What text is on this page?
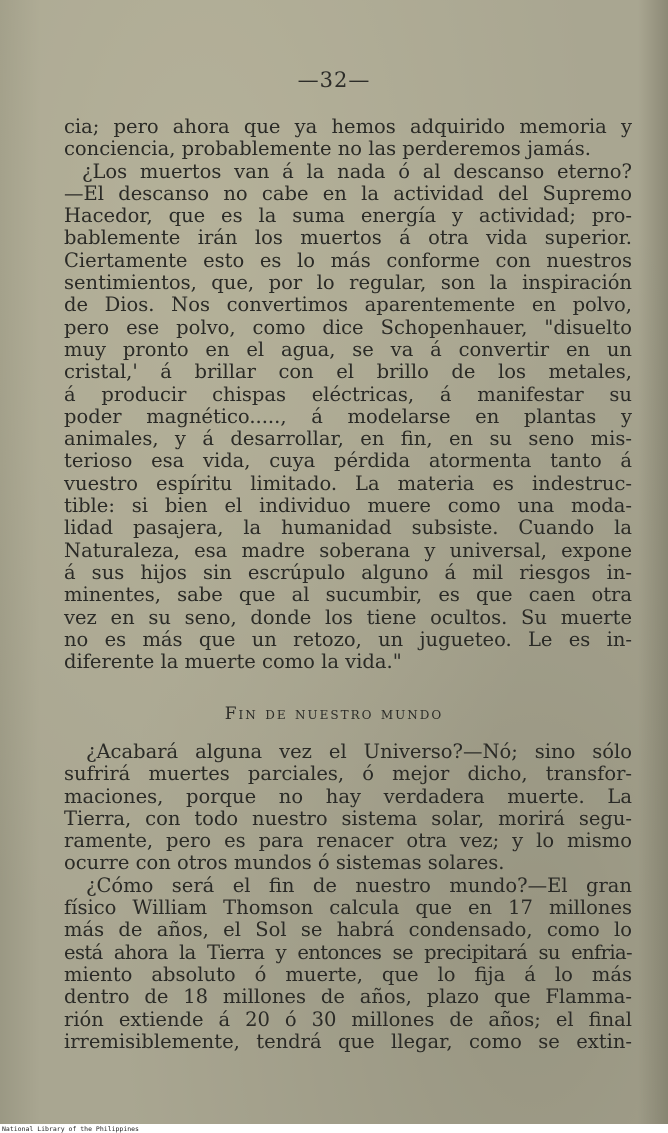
—32—
cia; pero ahora que ya hemos adquirido memoria y
conciencia, probablemente no las perderemos jamás.
¿Los muertos van á la nada ó al descanso eterno?
—El descanso no cabe en la actividad del Supremo
Hacedor, que es la suma energía y actividad; pro-
bablemente irán los muertos á otra vida superior.
Ciertamente esto es lo más conforme con nuestros
sentimientos, que, por lo regular, son la inspiración
de Dios. Nos convertimos aparentemente en polvo,
pero ese polvo, como dice Schopenhauer, "disuelto
muy pronto en el agua, se va á convertir en un
cristal,' á brillar con el brillo de los metales,
á producir chispas eléctricas, á manifestar su
poder magnético....., á modelarse en plantas y
animales, y á desarrollar, en fin, en su seno mis-
terioso esa vida, cuya pérdida atormenta tanto á
vuestro espíritu limitado. La materia es indestruc-
tible: si bien el individuo muere como una moda-
lidad pasajera, la humanidad subsiste. Cuando la
Naturaleza, esa madre soberana y universal, expone
á sus hijos sin escrúpulo alguno á mil riesgos in-
minentes, sabe que al sucumbir, es que caen otra
vez en su seno, donde los tiene ocultos. Su muerte
no es más que un retozo, un jugueteo. Le es in-
diferente la muerte como la vida."
Fin de nuestro mundo
¿Acabará alguna vez el Universo?—Nó; sino sólo
sufrirá muertes parciales, ó mejor dicho, transfor-
maciones, porque no hay verdadera muerte. La
Tierra, con todo nuestro sistema solar, morirá segu-
ramente, pero es para renacer otra vez; y lo mismo
ocurre con otros mundos ó sistemas solares.
¿Cómo será el fin de nuestro mundo?—El gran
físico William Thomson calcula que en 17 millones
más de años, el Sol se habrá condensado, como lo
está ahora la Tierra y entonces se precipitará su enfria-
miento absoluto ó muerte, que lo fija á lo más
dentro de 18 millones de años, plazo que Flamma-
rión extiende á 20 ó 30 millones de años; el final
irremisiblemente, tendrá que llegar, como se extin-
National Library of the Philippines
